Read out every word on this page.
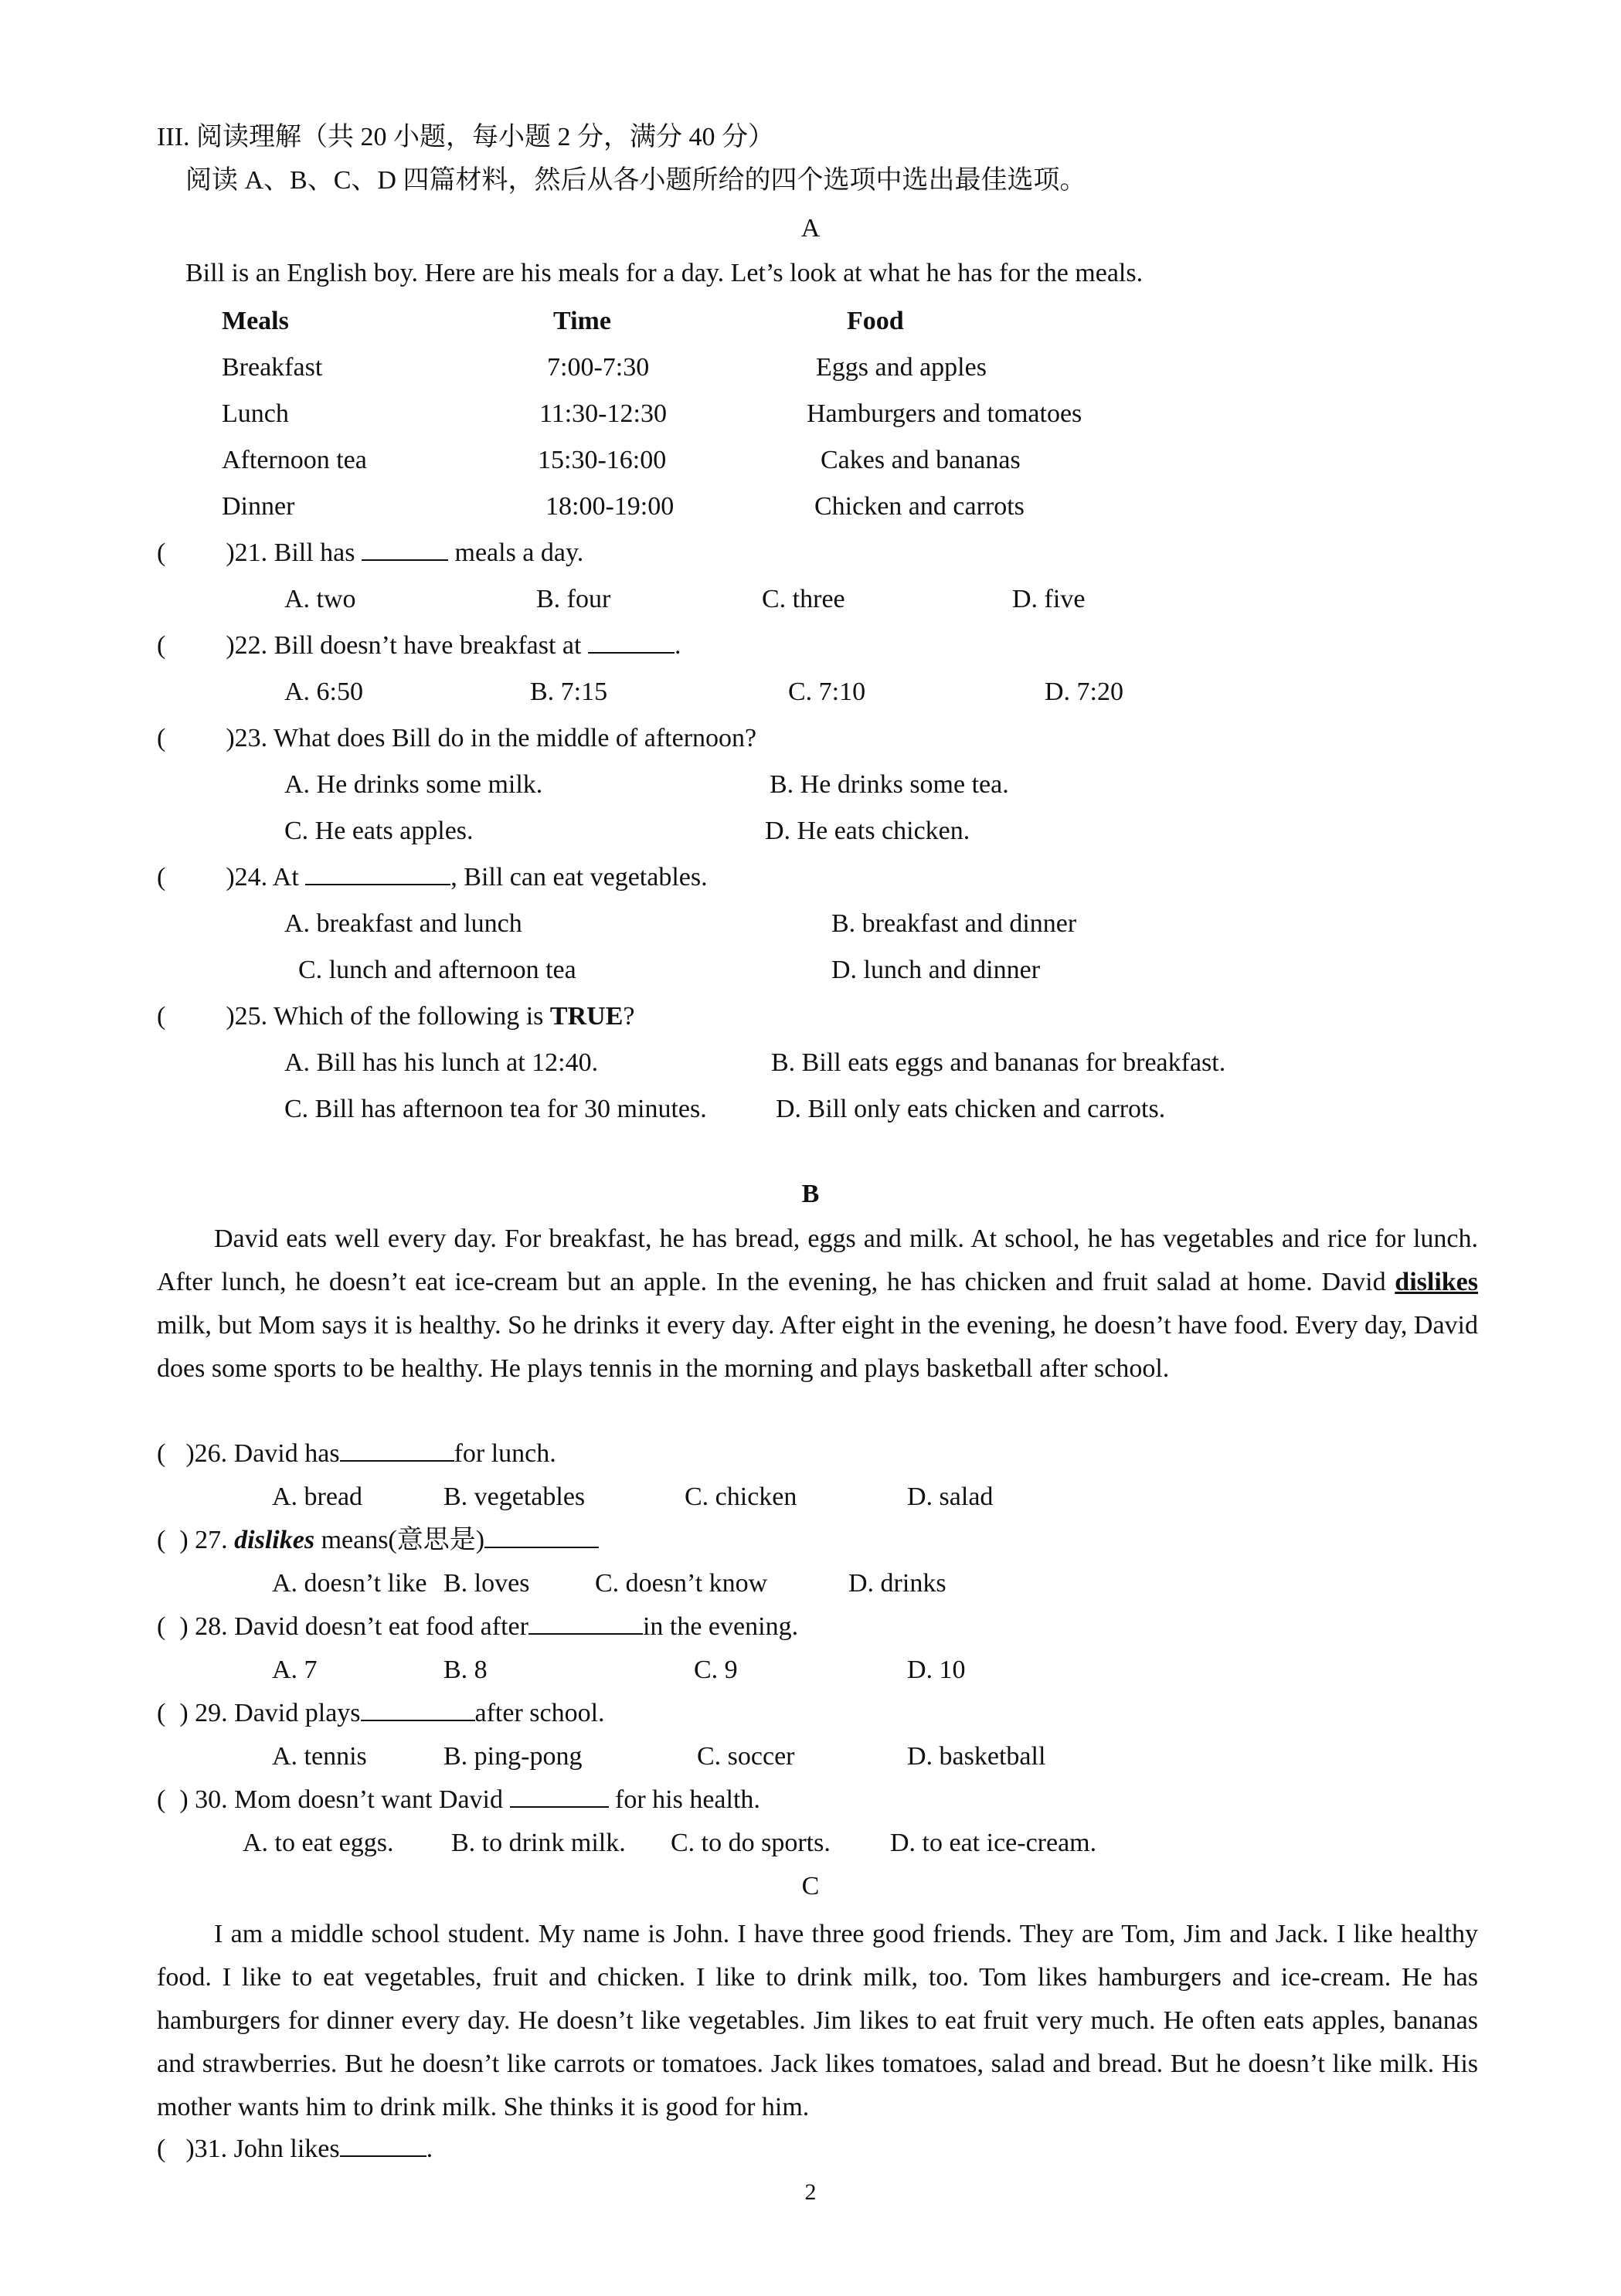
III. 阅读理解（共 20 小题，每小题 2 分，满分 40 分）
阅读 A、B、C、D 四篇材料，然后从各小题所给的四个选项中选出最佳选项。
A
Bill is an English boy. Here are his meals for a day. Let’s look at what he has for the meals.
Meals	Time	Food
Breakfast	7:00-7:30	Eggs and apples
Lunch	11:30-12:30	Hamburgers and tomatoes
Afternoon tea	15:30-16:00	Cakes and bananas
Dinner	18:00-19:00	Chicken and carrots
( )21. Bill has	meals a day.
A. two	B. four	C. three	D. five
( )22. Bill doesn’t have breakfast at	.
A. 6:50	B. 7:15	C. 7:10	D. 7:20
( )23. What does Bill do in the middle of afternoon?
A. He drinks some milk.	B. He drinks some tea.
C. He eats apples.	D. He eats chicken.
( )24. At	, Bill can eat vegetables.
A. breakfast and lunch	B. breakfast and dinner
C. lunch and afternoon tea	D. lunch and dinner
( )25. Which of the following is TRUE?
A. Bill has his lunch at 12:40.	B. Bill eats eggs and bananas for breakfast.
C. Bill has afternoon tea for 30 minutes.	D. Bill only eats chicken and carrots.
B
David eats well every day. For breakfast, he has bread, eggs and milk. At school, he has vegetables and rice for lunch. After lunch, he doesn’t eat ice-cream but an apple. In the evening, he has chicken and fruit salad at home. David dislikes milk, but Mom says it is healthy. So he drinks it every day. After eight in the evening, he doesn’t have food. Every day, David does some sports to be healthy. He plays tennis in the morning and plays basketball after school.
( )26. David has	for lunch.
A. bread	B. vegetables	C. chicken	D. salad
( ) 27. dislikes means(意思是)
A. doesn’t like B. loves C. doesn’t know	D. drinks
( ) 28. David doesn’t eat food after	in the evening.
A. 7	B. 8	C. 9	D. 10
( ) 29. David plays	after school.
A. tennis	B. ping-pong	C. soccer	D. basketball
( ) 30. Mom doesn’t want David	for his health.
A. to eat eggs. B. to drink milk. C. to do sports. D. to eat ice-cream.
C
I am a middle school student. My name is John. I have three good friends. They are Tom, Jim and Jack. I like healthy food. I like to eat vegetables, fruit and chicken. I like to drink milk, too. Tom likes hamburgers and ice-cream. He has hamburgers for dinner every day. He doesn’t like vegetables. Jim likes to eat fruit very much. He often eats apples, bananas and strawberries. But he doesn’t like carrots or tomatoes. Jack likes tomatoes, salad and bread. But he doesn’t like milk. His mother wants him to drink milk. She thinks it is good for him.
( )31. John likes	.
2
